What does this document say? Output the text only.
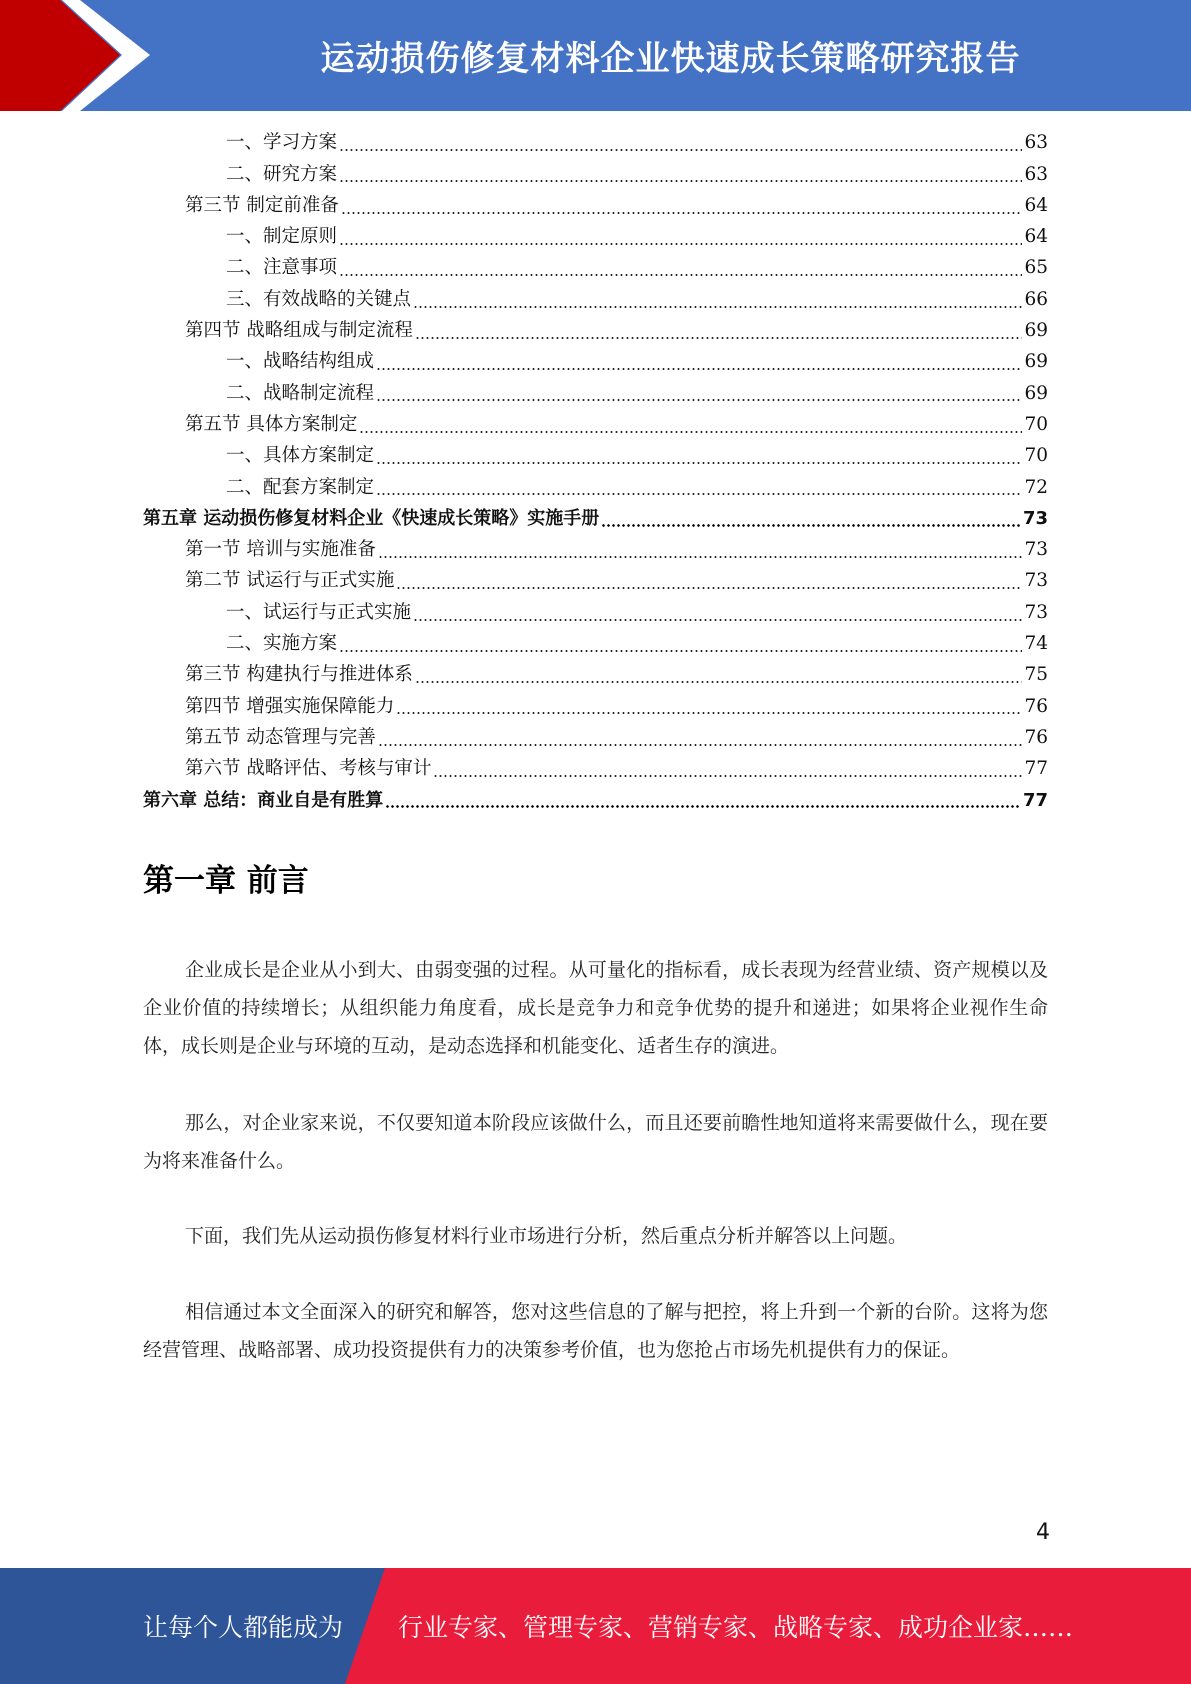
运动损伤修复材料企业快速成长策略研究报告
一、学习方案	63
二、研究方案	63
第三节 制定前准备	64
一、制定原则	64
二、注意事项	65
三、有效战略的关键点	66
第四节 战略组成与制定流程	69
一、战略结构组成	69
二、战略制定流程	69
第五节 具体方案制定	70
一、具体方案制定	70
二、配套方案制定	72
第五章 运动损伤修复材料企业《快速成长策略》实施手册	73
第一节 培训与实施准备	73
第二节 试运行与正式实施	73
一、试运行与正式实施	73
二、实施方案	74
第三节 构建执行与推进体系	75
第四节 增强实施保障能力	76
第五节 动态管理与完善	76
第六节 战略评估、考核与审计	77
第六章 总结：商业自是有胜算	77
第一章 前言
企业成长是企业从小到大、由弱变强的过程。从可量化的指标看，成长表现为经营业绩、资产规模以及企业价值的持续增长；从组织能力角度看，成长是竞争力和竞争优势的提升和递进；如果将企业视作生命体，成长则是企业与环境的互动，是动态选择和机能变化、适者生存的演进。
那么，对企业家来说，不仅要知道本阶段应该做什么，而且还要前瞻性地知道将来需要做什么，现在要为将来准备什么。
下面，我们先从运动损伤修复材料行业市场进行分析，然后重点分析并解答以上问题。
相信通过本文全面深入的研究和解答，您对这些信息的了解与把控，将上升到一个新的台阶。这将为您经营管理、战略部署、成功投资提供有力的决策参考价值，也为您抢占市场先机提供有力的保证。
4
让每个人都能成为 行业专家、管理专家、营销专家、战略专家、成功企业家……
